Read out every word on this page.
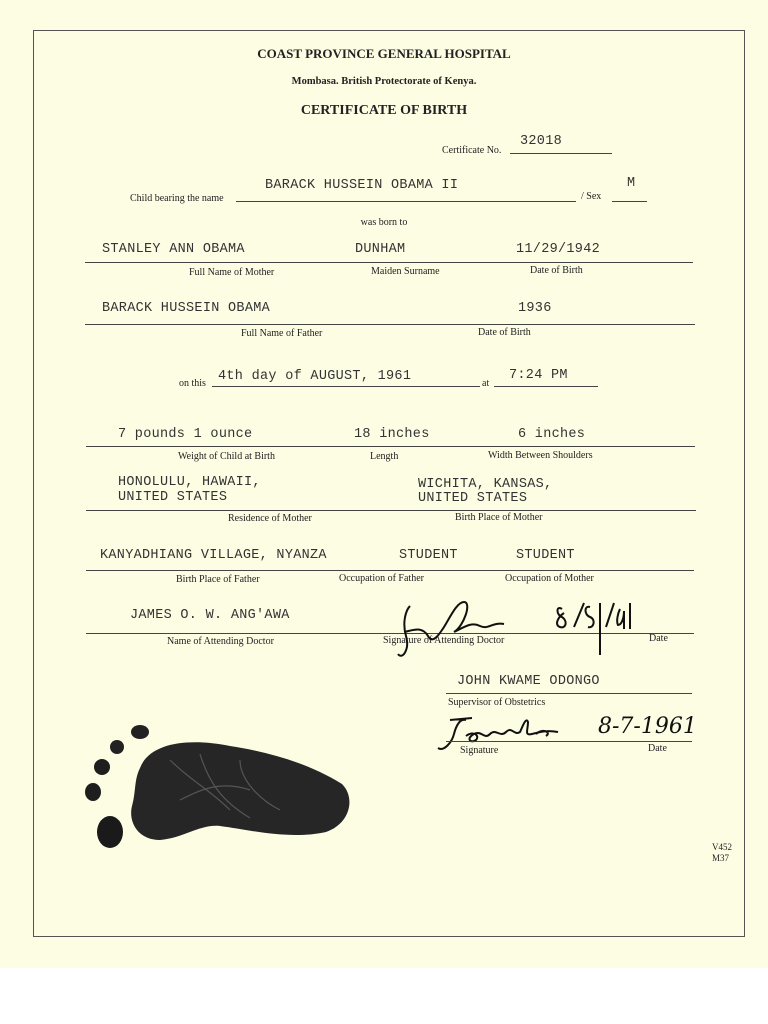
COAST PROVINCE GENERAL HOSPITAL
Mombasa. British Protectorate of Kenya.
CERTIFICATE OF BIRTH
Certificate No.
32018
Child bearing the name
BARACK HUSSEIN OBAMA II
/ Sex
M
was born to
STANLEY ANN OBAMA	DUNHAM	11/29/1942
Full Name of Mother	Maiden Surname	Date of Birth
BARACK HUSSEIN OBAMA	1936
Full Name of Father	Date of Birth
on this 4th day of AUGUST, 1961	at
7:24 PM
7 pounds 1 ounce	18 inches	6 inches
Weight of Child at Birth	Length	Width Between Shoulders
HONOLULU, HAWAII,
UNITED STATES
WICHITA, KANSAS,
UNITED STATES
Residence of Mother	Birth Place of Mother
KANYADHIANG VILLAGE, NYANZA	STUDENT	STUDENT
Birth Place of Father	Occupation of Father	Occupation of Mother
JAMES O. W. ANG'AWA
Name of Attending Doctor	Signature of Attending Doctor	Date
JOHN KWAME ODONGO
Supervisor of Obstetrics
8-7-1961
Signature	Date
V452
M37
